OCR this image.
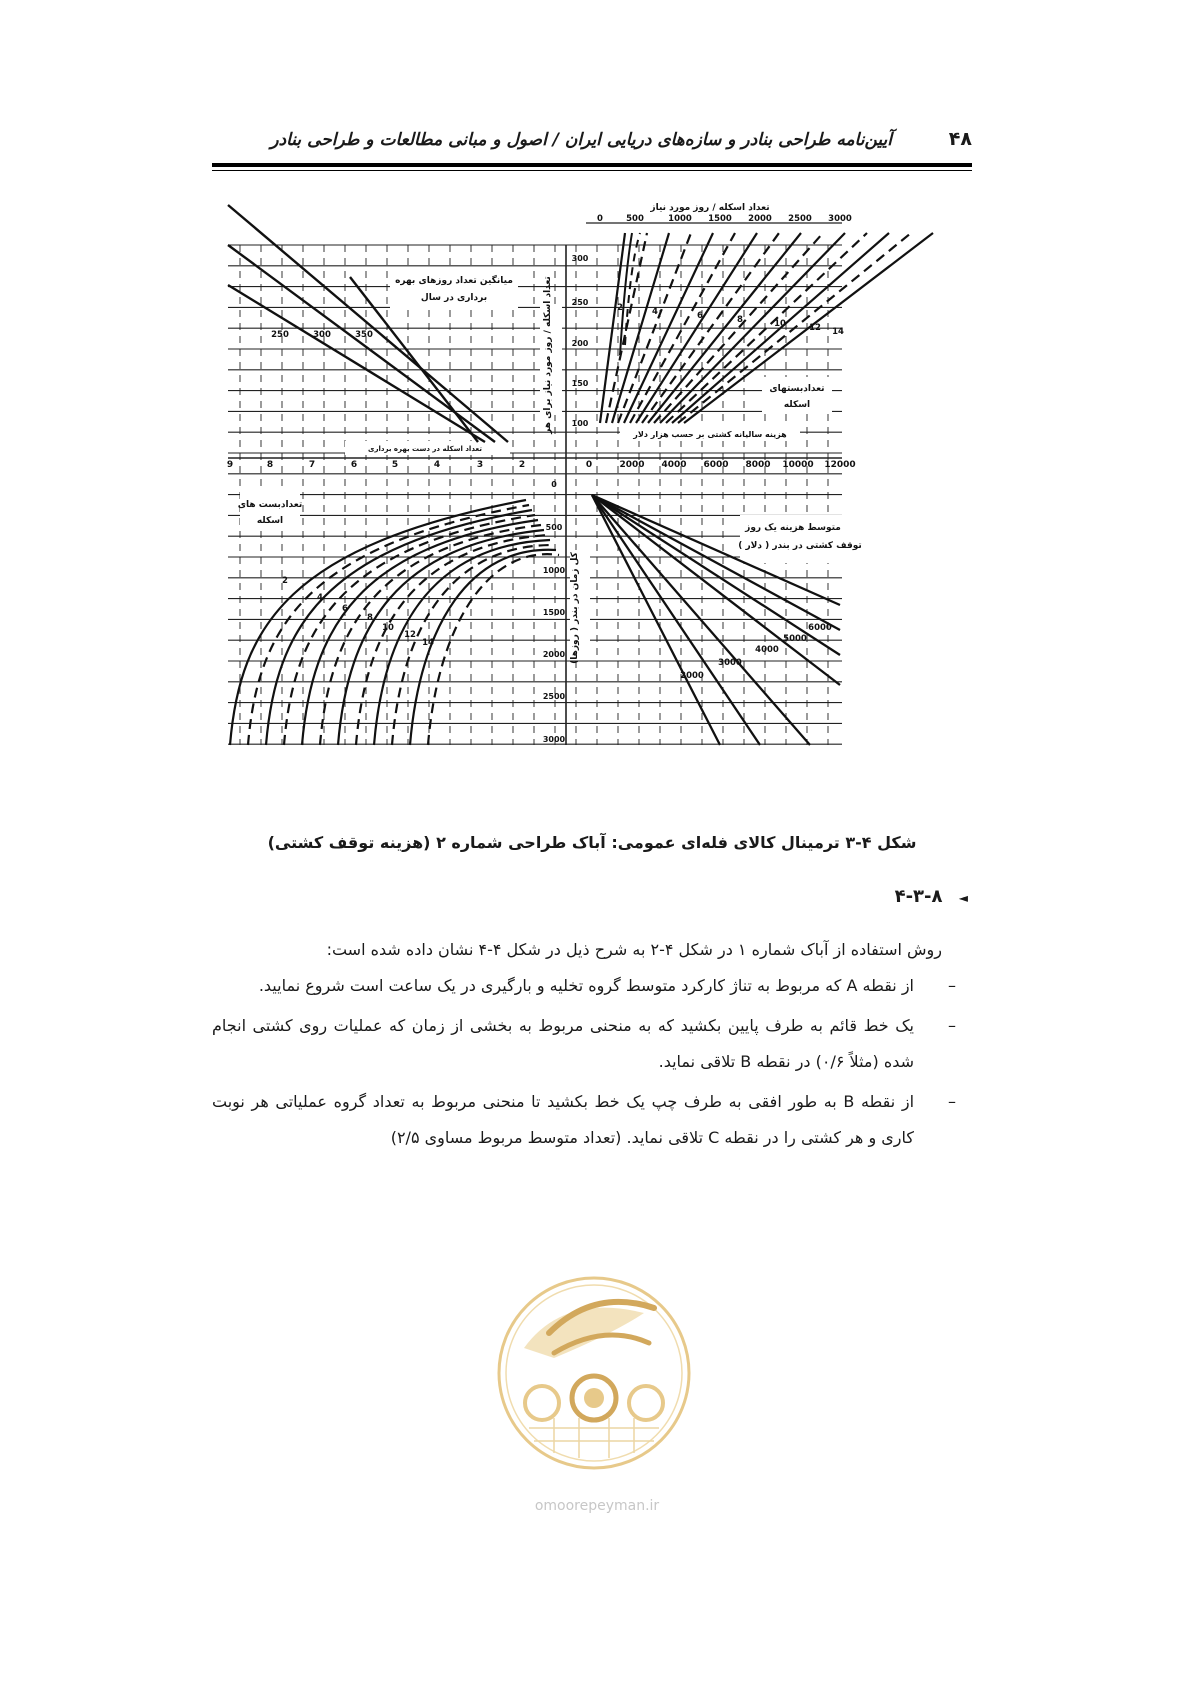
آیین‌نامه طراحی بنادر و سازه‌های دریایی ایران / اصول و مبانی مطالعات و طراحی بنادر	۴۸
تعداد اسکله / روز مورد نیاز
0	500	1000 1500 2000 2500 3000
تعداد اسکله / روز مورد نیاز برای هر
300
250
200
150
100
میانگین تعداد روزهای بهره
برداری در سال
250	300	350
تعداد اسکله در دست بهره برداری
9	8	7	6	5	4	3	2
هزینه سالیانه کشتی بر حسب هزار دلار
0	2000 4000 6000 8000 10000 12000
2	4	6	8	10	12 14
تعدادبستهای
اسکله
تعدادبست های
اسکله
2
4
6
8
10
12
14
0
500
1000
1500
2000
2500
3000
کل زمان در بندر ( روزها)
متوسط هزینه یک روز
توقف کشتی در بندر ( دلار )
2000
3000
4000
5000
6000
شکل ۴-۳ ترمینال کالای فله‌ای عمومی: آباک طراحی شماره ۲ (هزینه توقف کشتی)
◄ ۴-۳-۸

روش استفاده از آباک شماره ۱ در شکل ۴-۲ به شرح ذیل در شکل ۴-۴ نشان داده شده است:

–
از نقطه A که مربوط به تناژ کارکرد متوسط گروه تخلیه و بارگیری در یک ساعت است شروع نمایید.
–
یک خط قائم به طرف پایین بکشید که به منحنی مربوط به بخشی از زمان که عملیات روی کشتی انجام شده (مثلاً ۰/۶) در نقطه B تلاقی نماید.
–
از نقطه B به طور افقی به طرف چپ یک خط بکشید تا منحنی مربوط به تعداد گروه عملیاتی هر نوبت کاری و هر کشتی را در نقطه C تلاقی نماید. (تعداد متوسط مربوط مساوی ۲/۵)
omoorepeyman.ir
